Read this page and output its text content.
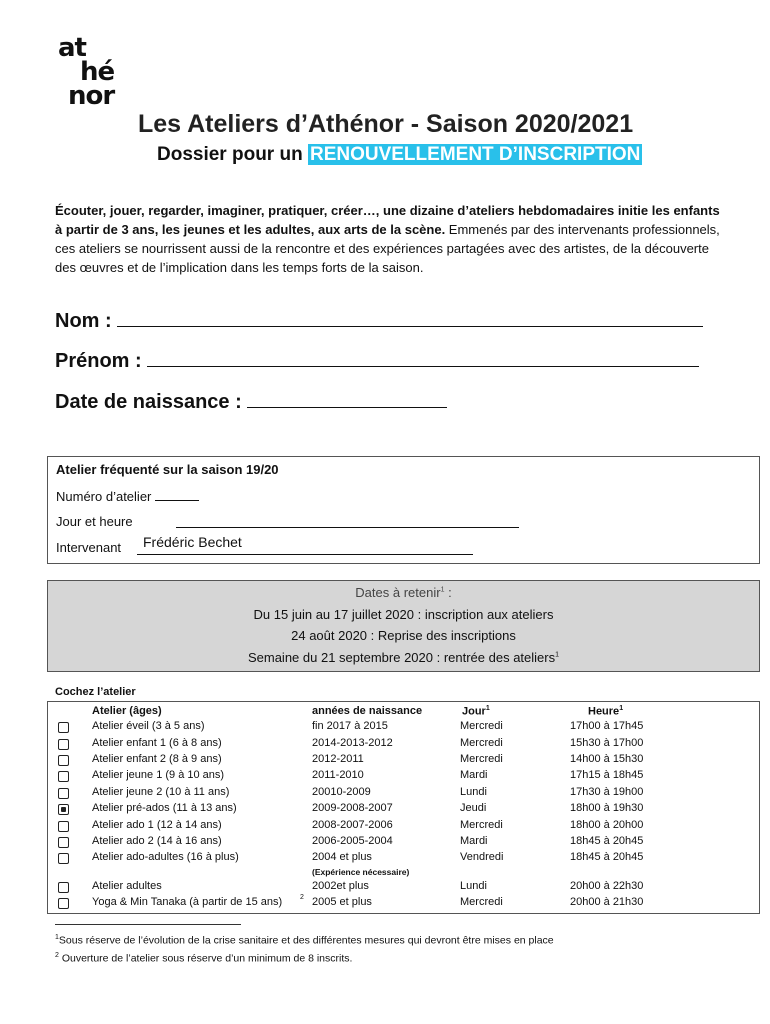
at
hé
nor
Les Ateliers d’Athénor - Saison 2020/2021
Dossier pour un RENOUVELLEMENT D’INSCRIPTION
Écouter, jouer, regarder, imaginer, pratiquer, créer…, une dizaine d’ateliers hebdomadaires initie les enfants à partir de 3 ans, les jeunes et les adultes, aux arts de la scène. Emmenés par des intervenants professionnels, ces ateliers se nourrissent aussi de la rencontre et des expériences partagées avec des artistes, de la découverte des œuvres et de l’implication dans les temps forts de la saison.
Nom :
Prénom :
Date de naissance :
Atelier fréquenté sur la saison 19/20
Numéro d’atelier
Jour et heure
Intervenant Frédéric Bechet
Dates à retenir$^1$ :
Du 15 juin au 17 juillet 2020 : inscription aux ateliers
24 août 2020 : Reprise des inscriptions
Semaine du 21 septembre 2020 : rentrée des ateliers$^1$
Cochez l’atelier
Atelier (âges)	années de naissance	Jour$^1$	Heure$^1$
Atelier éveil (3 à 5 ans)	fin 2017 à 2015	Mercredi	17h00 à 17h45
Atelier enfant 1 (6 à 8 ans)	2014-2013-2012	Mercredi	15h30 à 17h00
Atelier enfant 2 (8 à 9 ans)	2012-2011	Mercredi	14h00 à 15h30
Atelier jeune 1 (9 à 10 ans)	2011-2010	Mardi	17h15 à 18h45
Atelier jeune 2 (10 à 11 ans)	20010-2009	Lundi	17h30 à 19h00
Atelier pré-ados (11 à 13 ans)	2009-2008-2007	Jeudi	18h00 à 19h30
Atelier ado 1 (12 à 14 ans)	2008-2007-2006	Mercredi	18h00 à 20h00
Atelier ado 2 (14 à 16 ans)	2006-2005-2004	Mardi	18h45 à 20h45
Atelier ado-adultes (16 à plus)	2004 et plus	Vendredi	18h45 à 20h45
Atelier adultes	2002et plus	Lundi	20h00 à 22h30
Yoga & Min Tanaka (à partir de 15 ans)	2005 et plus	Mercredi	20h00 à 21h30
2
(Expérience nécessaire)
$^1$Sous réserve de l’évolution de la crise sanitaire et des différentes mesures qui devront être mises en place
$^2$ Ouverture de l’atelier sous réserve d’un minimum de 8 inscrits.
